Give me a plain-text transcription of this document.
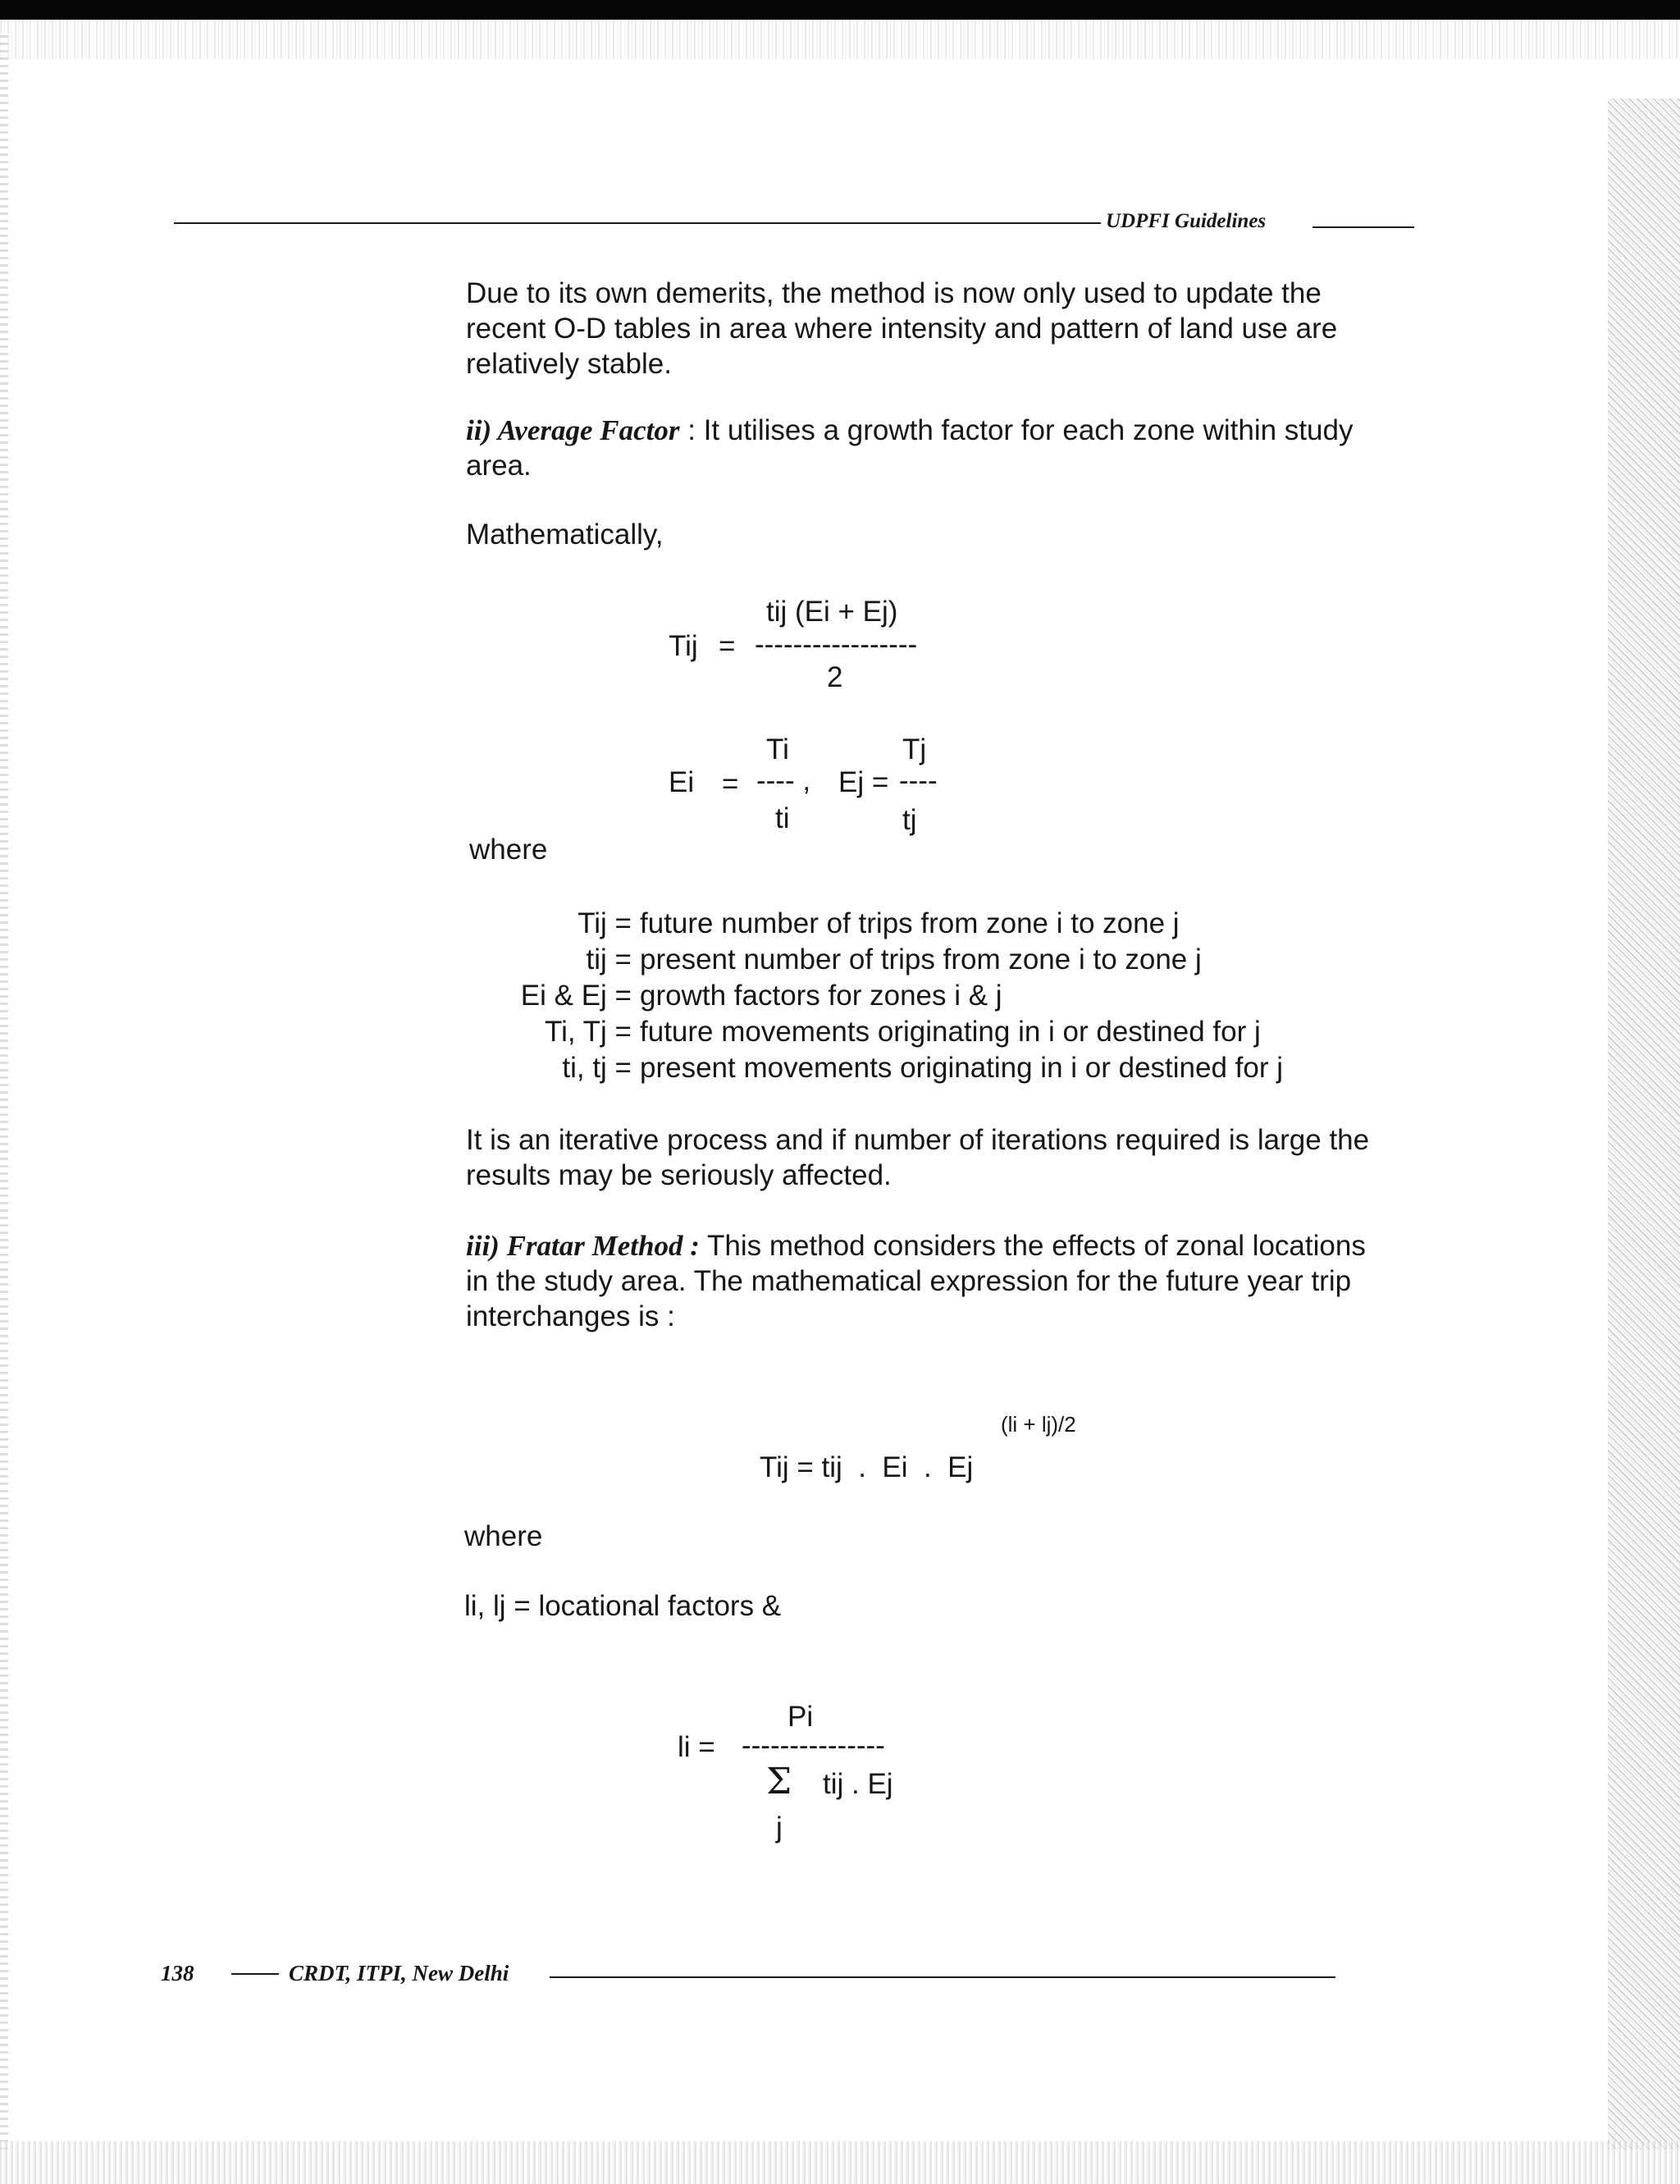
UDPFI Guidelines

Due to its own demerits, the method is now only used to update the

recent O-D tables in area where intensity and pattern of land use are

relatively stable.

ii) Average Factor : It utilises a growth factor for each zone within study

area.

Mathematically,
tij (Ei + Ej)
Tij = -----------------
2
Ti	Tj
Ei = ---- , Ej = ----
ti	tj
where
Tij = future number of trips from zone i to zone j
tij = present number of trips from zone i to zone j
Ei & Ej = growth factors for zones i & j
Ti, Tj = future movements originating in i or destined for j
ti, tj = present movements originating in i or destined for j

It is an iterative process and if number of iterations required is large the

results may be seriously affected.

iii) Fratar Method : This method considers the effects of zonal locations

in the study area. The mathematical expression for the future year trip

interchanges is :

(li + lj)/2
Tij = tij  .  Ei  .  Ej
where
li, lj = locational factors &
Pi
li = ---------------
Σ tij . Ej
j
138	CRDT, ITPI, New Delhi
